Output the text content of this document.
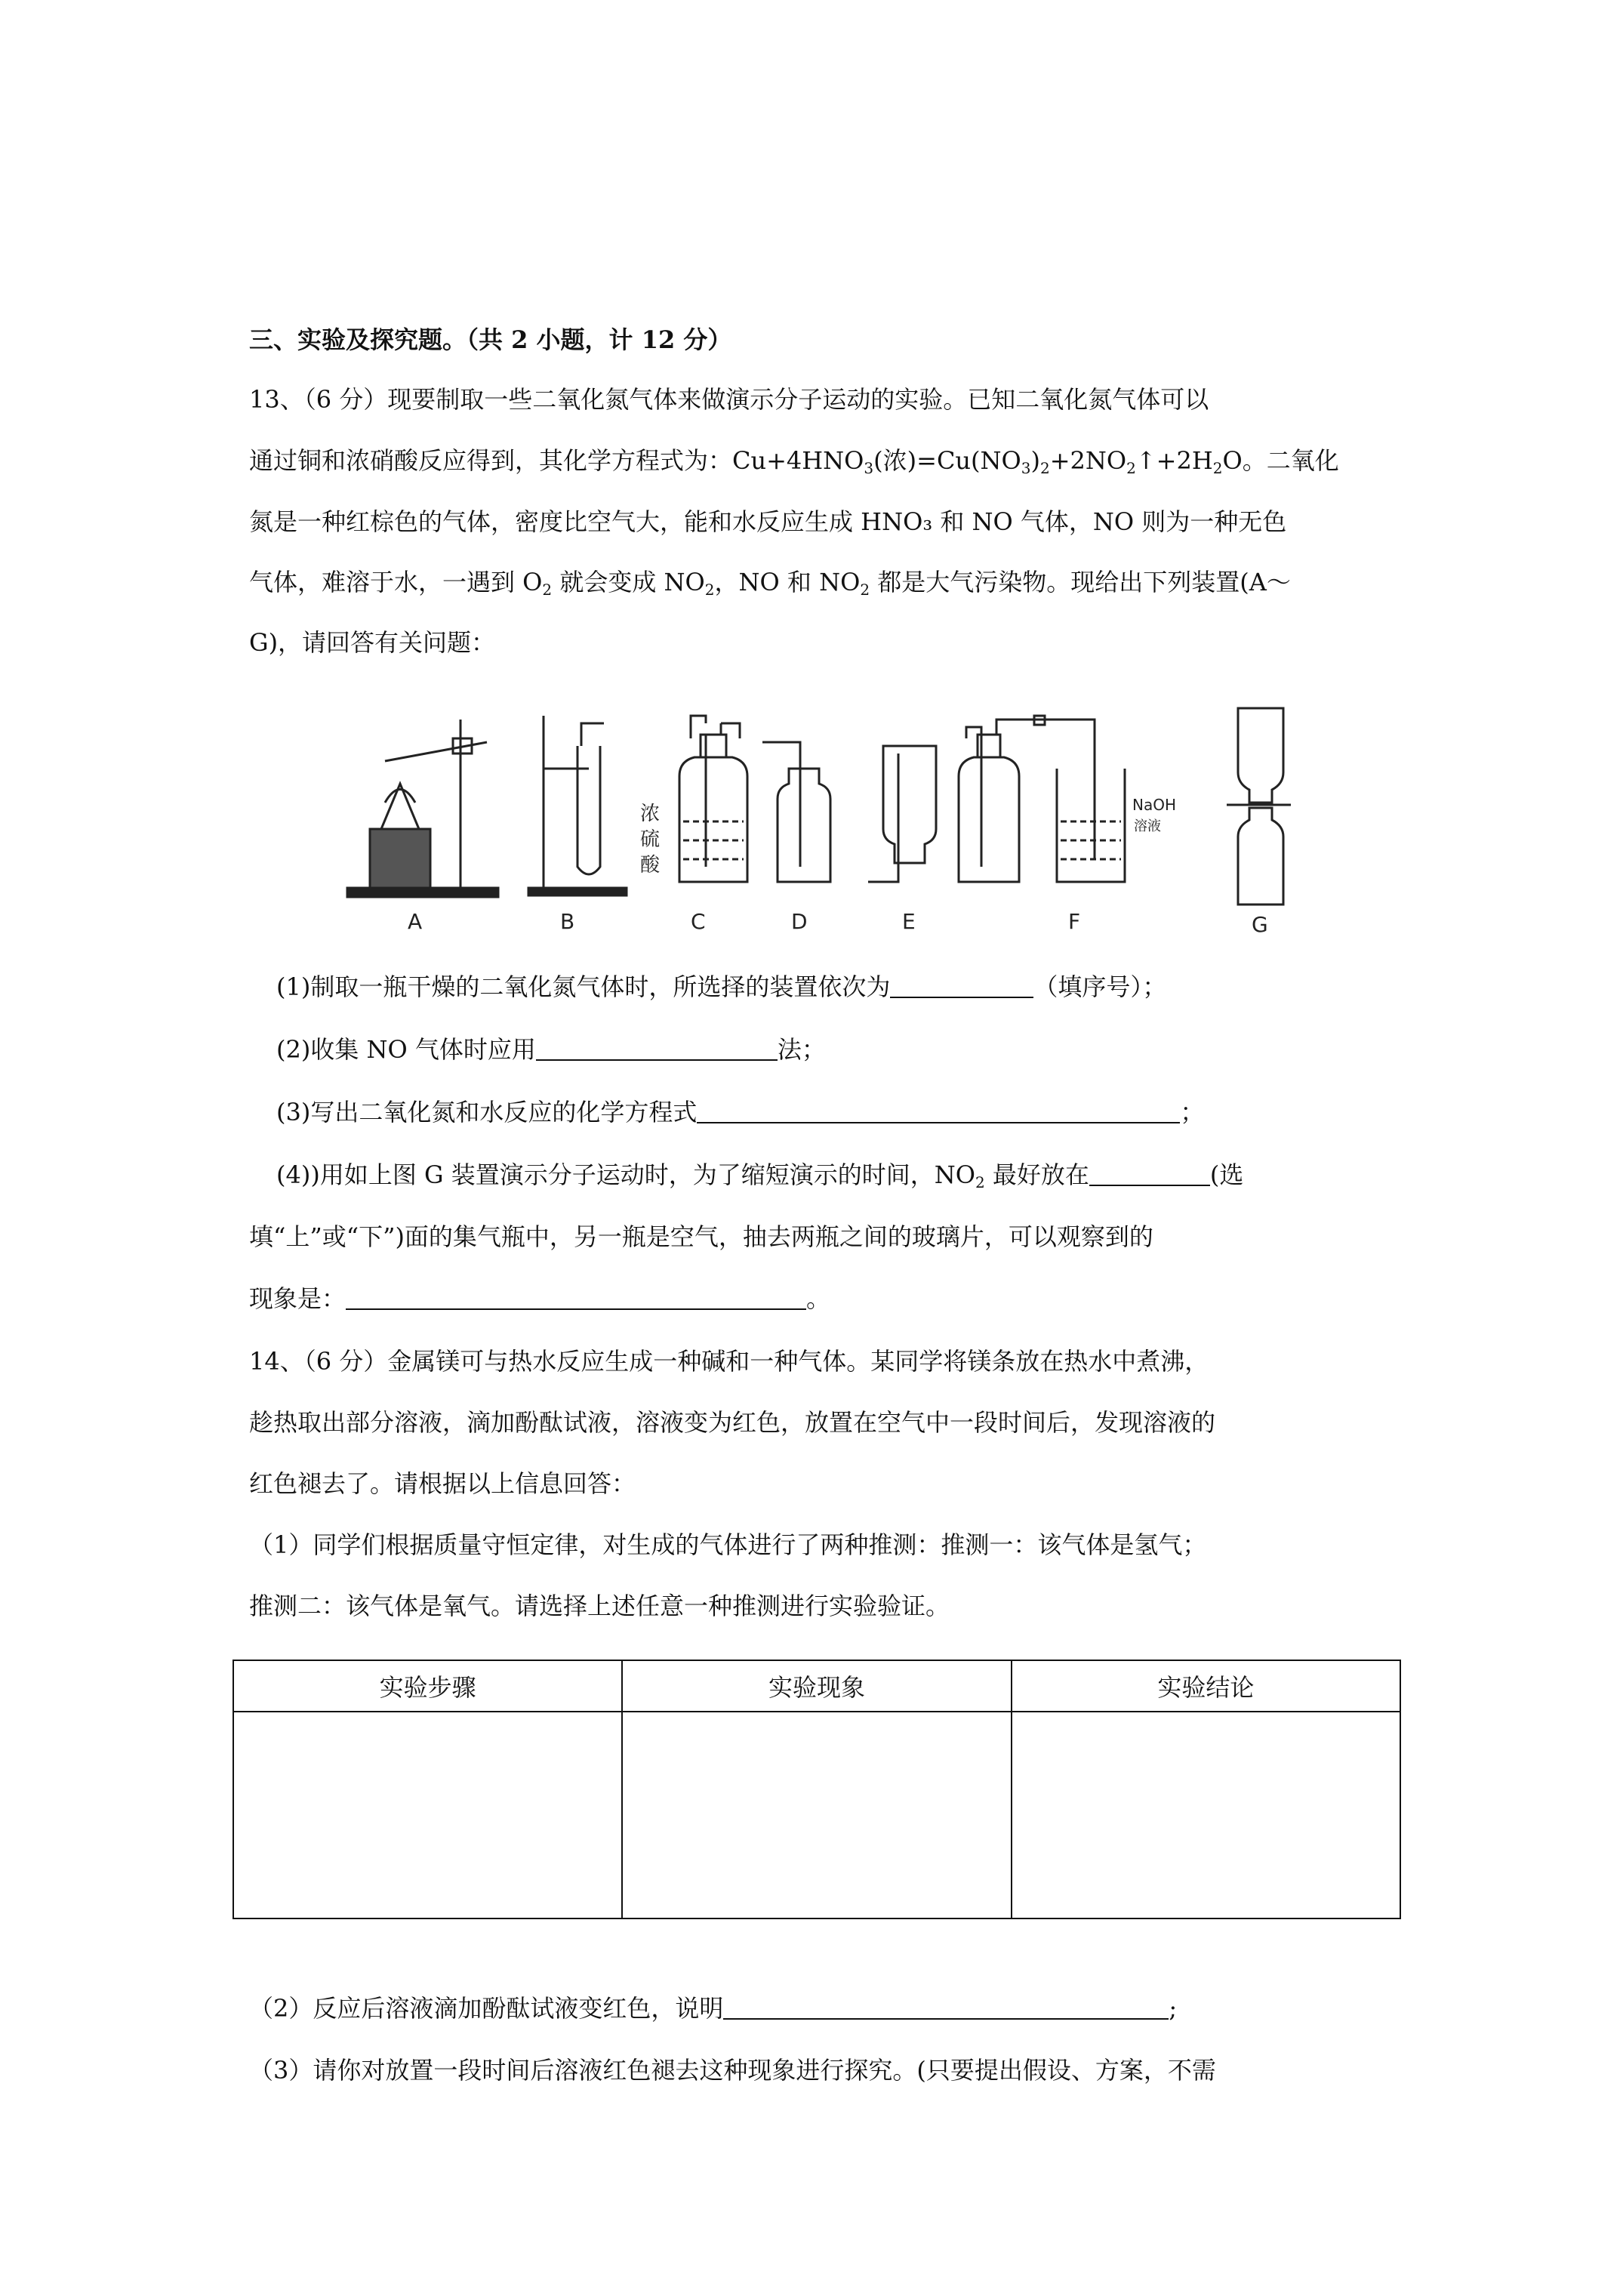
三、实验及探究题。（共 2 小题，计 12 分）
13、（6 分）现要制取一些二氧化氮气体来做演示分子运动的实验。已知二氧化氮气体可以
通过铜和浓硝酸反应得到，其化学方程式为：$Cu+4HNO_3$(浓)$=Cu(NO_3)_2+2NO_2↑+2H_2O$。二氧化
氮是一种红棕色的气体，密度比空气大，能和水反应生成 HNO₃ 和 NO 气体，NO 则为一种无色
气体，难溶于水，一遇到 $O_2$ 就会变成 $NO_2$，NO 和 $NO_2$ 都是大气污染物。现给出下列装置(A～
G)，请回答有关问题：
浓
硫
酸
NaOH
溶液
A	B	C	D	E	F	G
(1)制取一瓶干燥的二氧化氮气体时，所选择的装置依次为	（填序号）；
(2)收集 NO 气体时应用	法；
(3)写出二氧化氮和水反应的化学方程式	；
(4))用如上图 G 装置演示分子运动时，为了缩短演示的时间，$NO_2$ 最好放在	(选
填“上”或“下”)面的集气瓶中，另一瓶是空气，抽去两瓶之间的玻璃片，可以观察到的
现象是：	。
14、（6 分）金属镁可与热水反应生成一种碱和一种气体。某同学将镁条放在热水中煮沸，
趁热取出部分溶液，滴加酚酞试液，溶液变为红色，放置在空气中一段时间后，发现溶液的
红色褪去了。请根据以上信息回答：
（1）同学们根据质量守恒定律，对生成的气体进行了两种推测：推测一：该气体是氢气；
推测二：该气体是氧气。请选择上述任意一种推测进行实验验证。
实验步骤	实验现象	实验结论

（2）反应后溶液滴加酚酞试液变红色，说明	;
（3）请你对放置一段时间后溶液红色褪去这种现象进行探究。(只要提出假设、方案，不需
